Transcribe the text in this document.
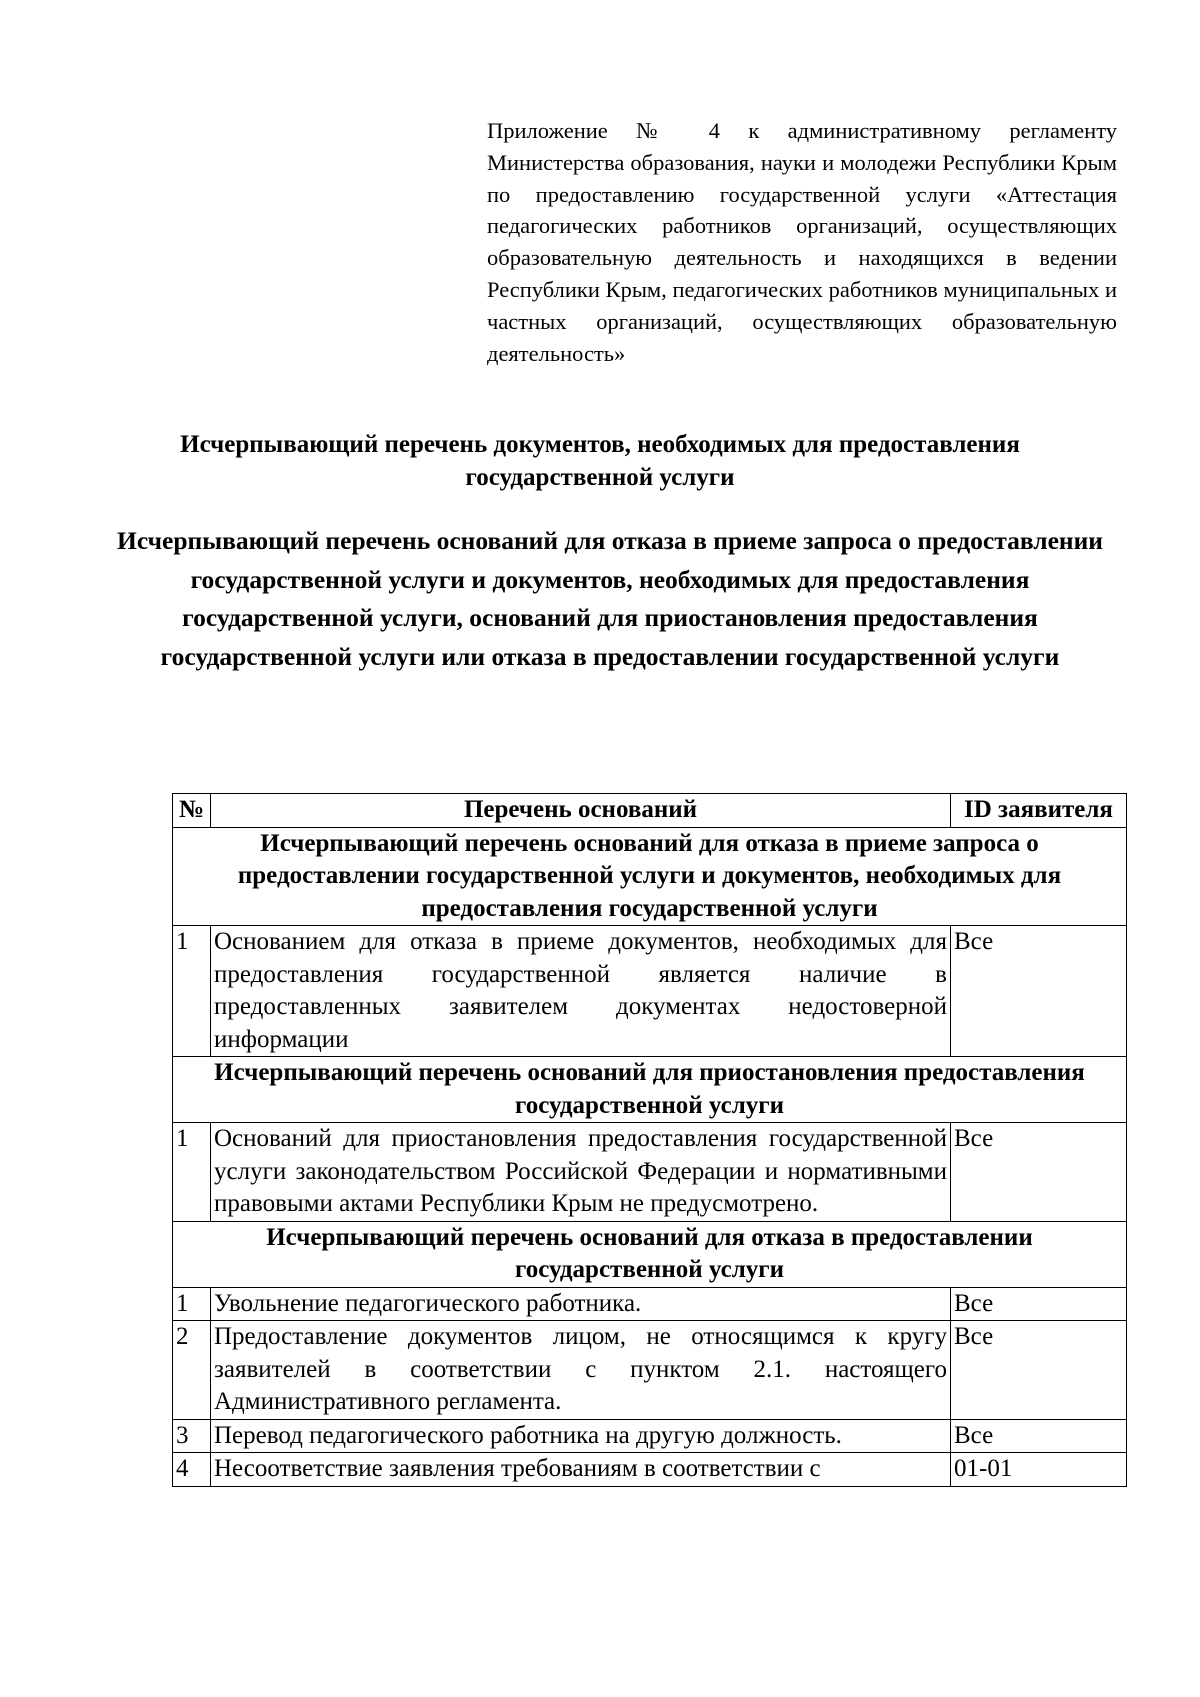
Приложение № 4 к административному регламенту Министерства образования, науки и молодежи Республики Крым по предоставлению государственной услуги «Аттестация педагогических работников организаций, осуществляющих образовательную деятельность и находящихся в ведении Республики Крым, педагогических работников муниципальных и частных организаций, осуществляющих образовательную деятельность»
Исчерпывающий перечень документов, необходимых для предоставления государственной услуги
Исчерпывающий перечень оснований для отказа в приеме запроса о предоставлении государственной услуги и документов, необходимых для предоставления государственной услуги, оснований для приостановления предоставления государственной услуги или отказа в предоставлении государственной услуги
№	Перечень оснований	ID заявителя
Исчерпывающий перечень оснований для отказа в приеме запроса о предоставлении государственной услуги и документов, необходимых для предоставления государственной услуги		
1	Основанием для отказа в приеме документов, необходимых для предоставления государственной является наличие в предоставленных заявителем документах недостоверной информации	Все
Исчерпывающий перечень оснований для приостановления предоставления государственной услуги		
1	Оснований для приостановления предоставления государственной услуги законодательством Российской Федерации и нормативными правовыми актами Республики Крым не предусмотрено.	Все
Исчерпывающий перечень оснований для отказа в предоставлении государственной услуги		
1	Увольнение педагогического работника.	Все
2	Предоставление документов лицом, не относящимся к кругу заявителей в соответствии с пунктом 2.1. настоящего Административного регламента.	Все
3	Перевод педагогического работника на другую должность.	Все
4	Несоответствие заявления требованиям в соответствии с	01-01
